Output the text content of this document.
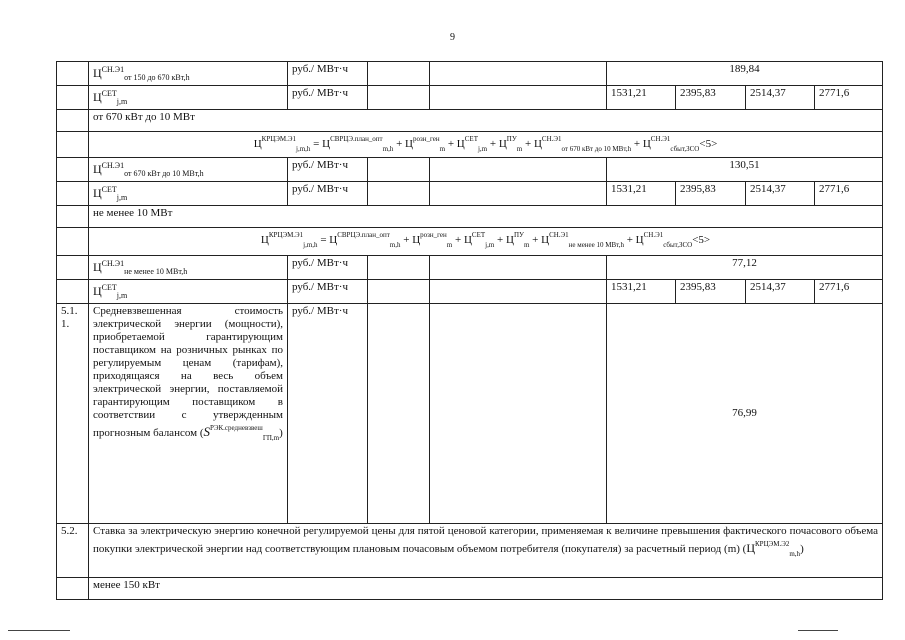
9
	$Ц^{СН.Э1}_{от 150 до 670 кВт,h}$	руб./ МВт·ч			189,84			
	$Ц^{СЕТ}_{j,m}$	руб./ МВт·ч			1531,21	2395,83	2514,37	2771,6
	от 670 кВт до 10 МВт							
	$Ц^{КРЦЭМ.Э1}_{j,m,h} = Ц^{СВРЦЭ.план\_опт}_{m,h} + Ц^{розн\_ген}_m + Ц^{СЕТ}_{j,m} + Ц^{ПУ}_m + Ц^{СН.Э1}_{от 670 кВт до 10 МВт,h} + Ц^{СН.Э1}_{сбыт,ЗСО}<5>$							
	$Ц^{СН.Э1}_{от 670 кВт до 10 МВт,h}$	руб./ МВт·ч			130,51			
	$Ц^{СЕТ}_{j,m}$	руб./ МВт·ч			1531,21	2395,83	2514,37	2771,6
	не менее 10 МВт							
	$Ц^{КРЦЭМ.Э1}_{j,m,h} = Ц^{СВРЦЭ.план\_опт}_{m,h} + Ц^{розн\_ген}_m + Ц^{СЕТ}_{j,m} + Ц^{ПУ}_m + Ц^{СН.Э1}_{не менее 10 МВт,h} + Ц^{СН.Э1}_{сбыт,ЗСО}<5>$							
	$Ц^{СН.Э1}_{не менее 10 МВт,h}$	руб./ МВт·ч			77,12			
	$Ц^{СЕТ}_{j,m}$	руб./ МВт·ч			1531,21	2395,83	2514,37	2771,6
5.1.
1.	Средневзвешенная стоимость электрической энергии (мощности), приобретаемой гарантирующим поставщиком на розничных рынках по регулируемым ценам (тарифам), приходящаяся на весь объем электрической энергии, поставляемой гарантирующим поставщиком в соответствии с утвержденным прогнозным балансом $(S^{РЭК.средневзвеш}_{ГП,m})$	руб./ МВт·ч			76,99			
5.2.	Ставка за электрическую энергию конечной регулируемой цены для пятой ценовой категории, применяемая к величине превышения фактического почасового объема покупки электрической энергии над соответствующим плановым почасовым объемом потребителя (покупателя) за расчетный период (m) $(Ц^{КРЦЭМ.Э2}_{m,h})$							
	менее 150 кВт							
